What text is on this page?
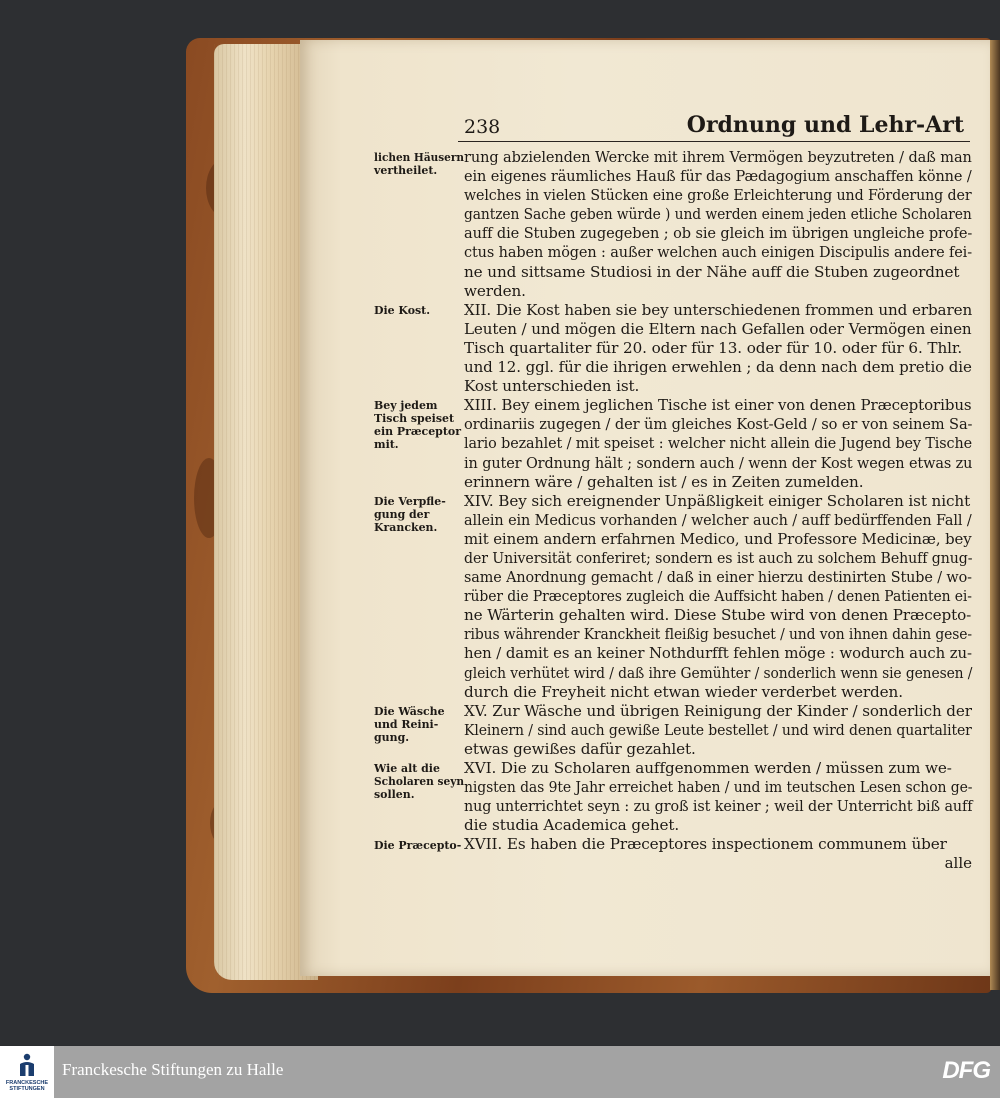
238	Ordnung und Lehr-Art
rung abzielenden Wercke mit ihrem Vermögen beyzutreten / daß man
ein eigenes räumliches Hauß für das Pædagogium anschaffen könne /
welches in vielen Stücken eine große Erleichterung und Förderung der
gantzen Sache geben würde ) und werden einem jeden etliche Scholaren
auff die Stuben zugegeben ; ob sie gleich im übrigen ungleiche profe-
ctus haben mögen : außer welchen auch einigen Discipulis andere fei-
ne und sittsame Studiosi in der Nähe auff die Stuben zugeordnet
werden.
XII. Die Kost haben sie bey unterschiedenen frommen und erbaren
Leuten / und mögen die Eltern nach Gefallen oder Vermögen einen
Tisch quartaliter für 20. oder für 13. oder für 10. oder für 6. Thlr.
und 12. ggl. für die ihrigen erwehlen ; da denn nach dem pretio die
Kost unterschieden ist.
XIII. Bey einem jeglichen Tische ist einer von denen Præceptoribus
ordinariis zugegen / der üm gleiches Kost-Geld / so er von seinem Sa-
lario bezahlet / mit speiset : welcher nicht allein die Jugend bey Tische
in guter Ordnung hält ; sondern auch / wenn der Kost wegen etwas zu
erinnern wäre / gehalten ist / es in Zeiten zumelden.
XIV. Bey sich ereignender Unpäßligkeit einiger Scholaren ist nicht
allein ein Medicus vorhanden / welcher auch / auff bedürffenden Fall /
mit einem andern erfahrnen Medico, und Professore Medicinæ, bey
der Universität conferiret; sondern es ist auch zu solchem Behuff gnug-
same Anordnung gemacht / daß in einer hierzu destinirten Stube / wo-
rüber die Præceptores zugleich die Auffsicht haben / denen Patienten ei-
ne Wärterin gehalten wird. Diese Stube wird von denen Præcepto-
ribus währender Kranckheit fleißig besuchet / und von ihnen dahin gese-
hen / damit es an keiner Nothdurfft fehlen möge : wodurch auch zu-
gleich verhütet wird / daß ihre Gemühter / sonderlich wenn sie genesen /
durch die Freyheit nicht etwan wieder verderbet werden.
XV. Zur Wäsche und übrigen Reinigung der Kinder / sonderlich der
Kleinern / sind auch gewiße Leute bestellet / und wird denen quartaliter
etwas gewißes dafür gezahlet.
XVI. Die zu Scholaren auffgenommen werden / müssen zum we-
nigsten das 9te Jahr erreichet haben / und im teutschen Lesen schon ge-
nug unterrichtet seyn : zu groß ist keiner ; weil der Unterricht biß auff
die studia Academica gehet.
XVII. Es haben die Præceptores inspectionem communem über
alle
lichen Häusern
vertheilet.
Die Kost.
Bey jedem
Tisch speiset
ein Præceptor
mit.
Die Verpfle-
gung der
Krancken.
Die Wäsche
und Reini-
gung.
Wie alt die
Scholaren seyn
sollen.
Die Præcepto-
FRANCKESCHE STIFTUNGEN
Franckesche Stiftungen zu Halle	DFG
